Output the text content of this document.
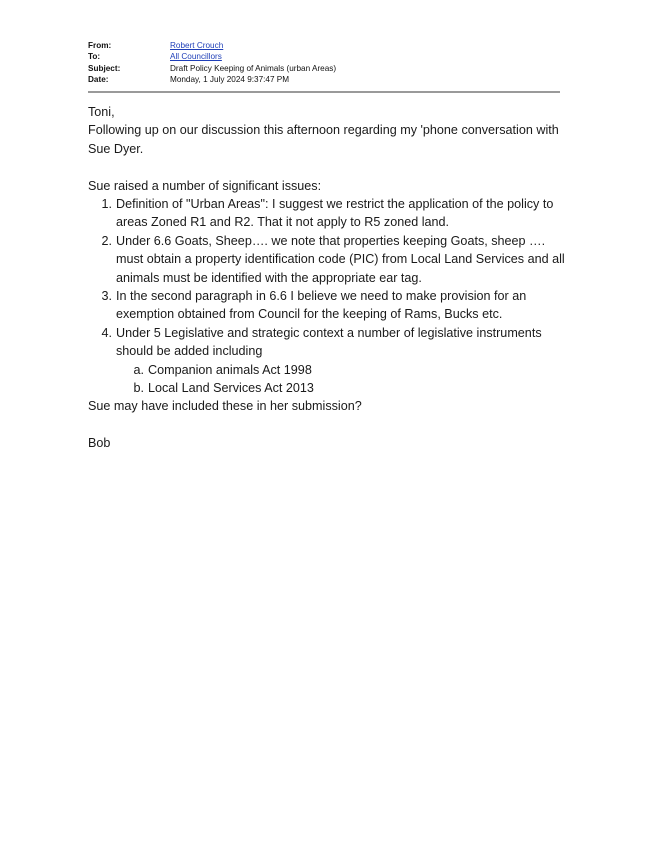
From:	Robert Crouch
To:	All Councillors
Subject:	Draft Policy Keeping of Animals (urban Areas)
Date:	Monday, 1 July 2024 9:37:47 PM

Toni,

Following up on our discussion this afternoon regarding my 'phone conversation with Sue Dyer.

Sue raised a number of significant issues:

1. Definition of "Urban Areas": I suggest we restrict the application of the policy to areas Zoned R1 and R2. That it not apply to R5 zoned land.
2. Under 6.6 Goats, Sheep…. we note that properties keeping Goats, sheep …. must obtain a property identification code (PIC) from Local Land Services and all animals must be identified with the appropriate ear tag.
3. In the second paragraph in 6.6 I believe we need to make provision for an exemption obtained from Council for the keeping of Rams, Bucks etc.
4. Under 5 Legislative and strategic context a number of legislative instruments should be added including
a. Companion animals Act 1998
b. Local Land Services Act 2013

Sue may have included these in her submission?

Bob
